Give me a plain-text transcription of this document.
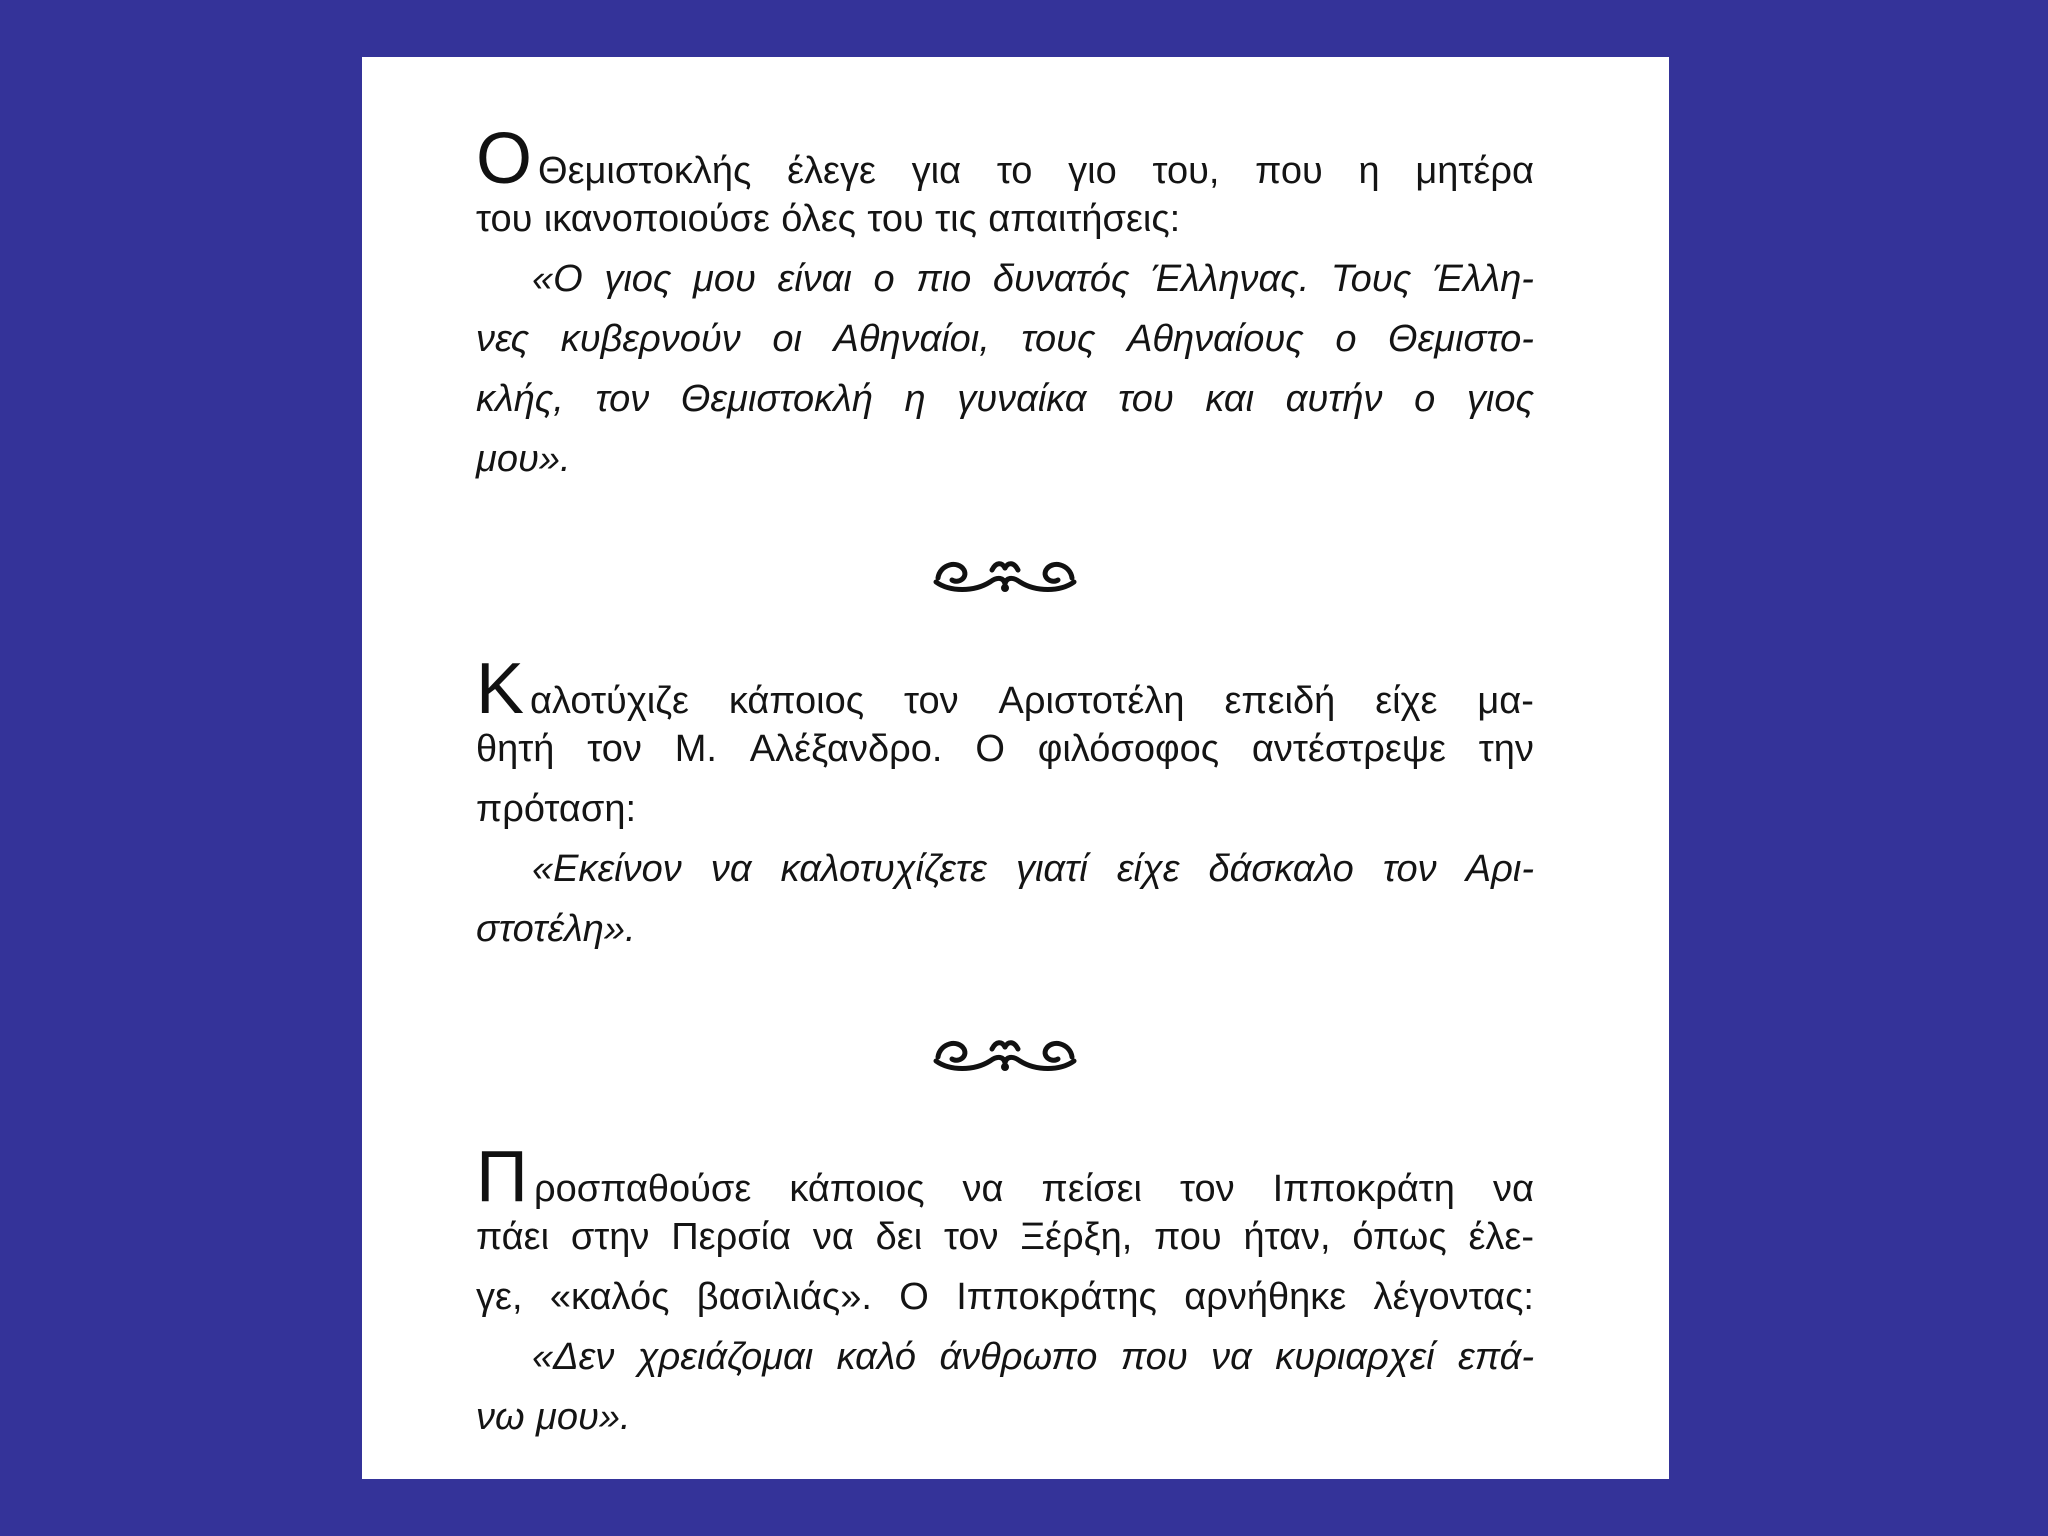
Ο Θεμιστοκλής έλεγε για το γιο του, που η μητέρα
του ικανοποιούσε όλες του τις απαιτήσεις:
«Ο γιος μου είναι ο πιο δυνατός Έλληνας. Τους Έλλη-
νες κυβερνούν οι Αθηναίοι, τους Αθηναίους ο Θεμιστο-
κλής, τον Θεμιστοκλή η γυναίκα του και αυτήν ο γιος
μου».
Καλοτύχιζε κάποιος τον Αριστοτέλη επειδή είχε μα-
θητή τον Μ. Αλέξανδρο. Ο φιλόσοφος αντέστρεψε την
πρόταση:
«Εκείνον να καλοτυχίζετε γιατί είχε δάσκαλο τον Αρι-
στοτέλη».
Προσπαθούσε κάποιος να πείσει τον Ιπποκράτη να
πάει στην Περσία να δει τον Ξέρξη, που ήταν, όπως έλε-
γε, «καλός βασιλιάς». Ο Ιπποκράτης αρνήθηκε λέγοντας:
«Δεν χρειάζομαι καλό άνθρωπο που να κυριαρχεί επά-
νω μου».
